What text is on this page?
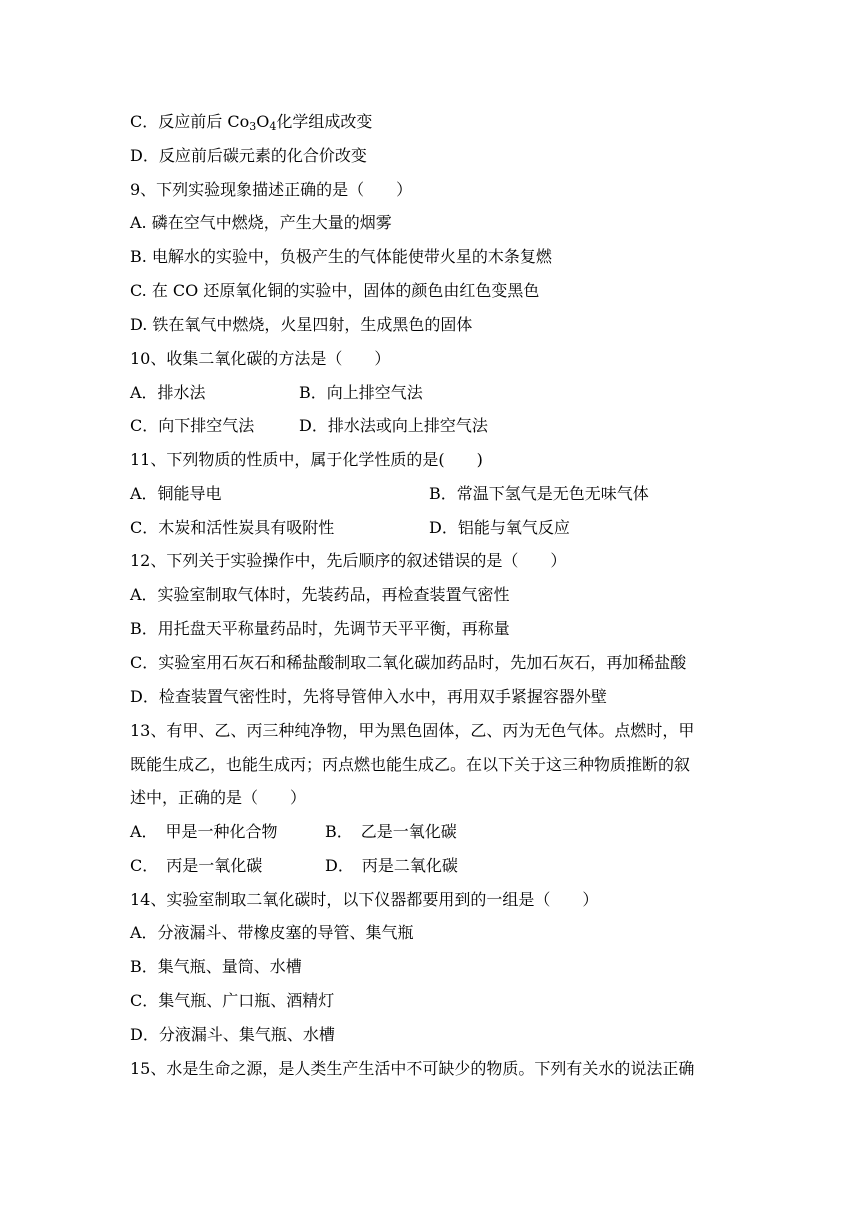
C．反应前后 $Co_3O_4$化学组成改变
D．反应前后碳元素的化合价改变
9、下列实验现象描述正确的是（　　）
A. 磷在空气中燃烧，产生大量的烟雾
B. 电解水的实验中，负极产生的气体能使带火星的木条复燃
C. 在 CO 还原氧化铜的实验中，固体的颜色由红色变黑色
D. 铁在氧气中燃烧，火星四射，生成黑色的固体
10、收集二氧化碳的方法是（　　）
A．排水法	B．向上排空气法
C．向下排空气法	D．排水法或向上排空气法
11、下列物质的性质中，属于化学性质的是(　　)
A．铜能导电	B．常温下氢气是无色无味气体
C．木炭和活性炭具有吸附性	D．铝能与氧气反应
12、下列关于实验操作中，先后顺序的叙述错误的是（　　）
A．实验室制取气体时，先装药品，再检查装置气密性
B．用托盘天平称量药品时，先调节天平平衡，再称量
C．实验室用石灰石和稀盐酸制取二氧化碳加药品时，先加石灰石，再加稀盐酸
D．检查装置气密性时，先将导管伸入水中，再用双手紧握容器外壁
13、有甲、乙、丙三种纯净物，甲为黑色固体，乙、丙为无色气体。点燃时，甲
既能生成乙，也能生成丙；丙点燃也能生成乙。在以下关于这三种物质推断的叙
述中，正确的是（　　）
A．　甲是一种化合物	B．　乙是一氧化碳
C．　丙是一氧化碳	D．　丙是二氧化碳
14、实验室制取二氧化碳时，以下仪器都要用到的一组是（　　）
A．分液漏斗、带橡皮塞的导管、集气瓶
B．集气瓶、量筒、水槽
C．集气瓶、广口瓶、酒精灯
D．分液漏斗、集气瓶、水槽
15、水是生命之源，是人类生产生活中不可缺少的物质。下列有关水的说法正确
